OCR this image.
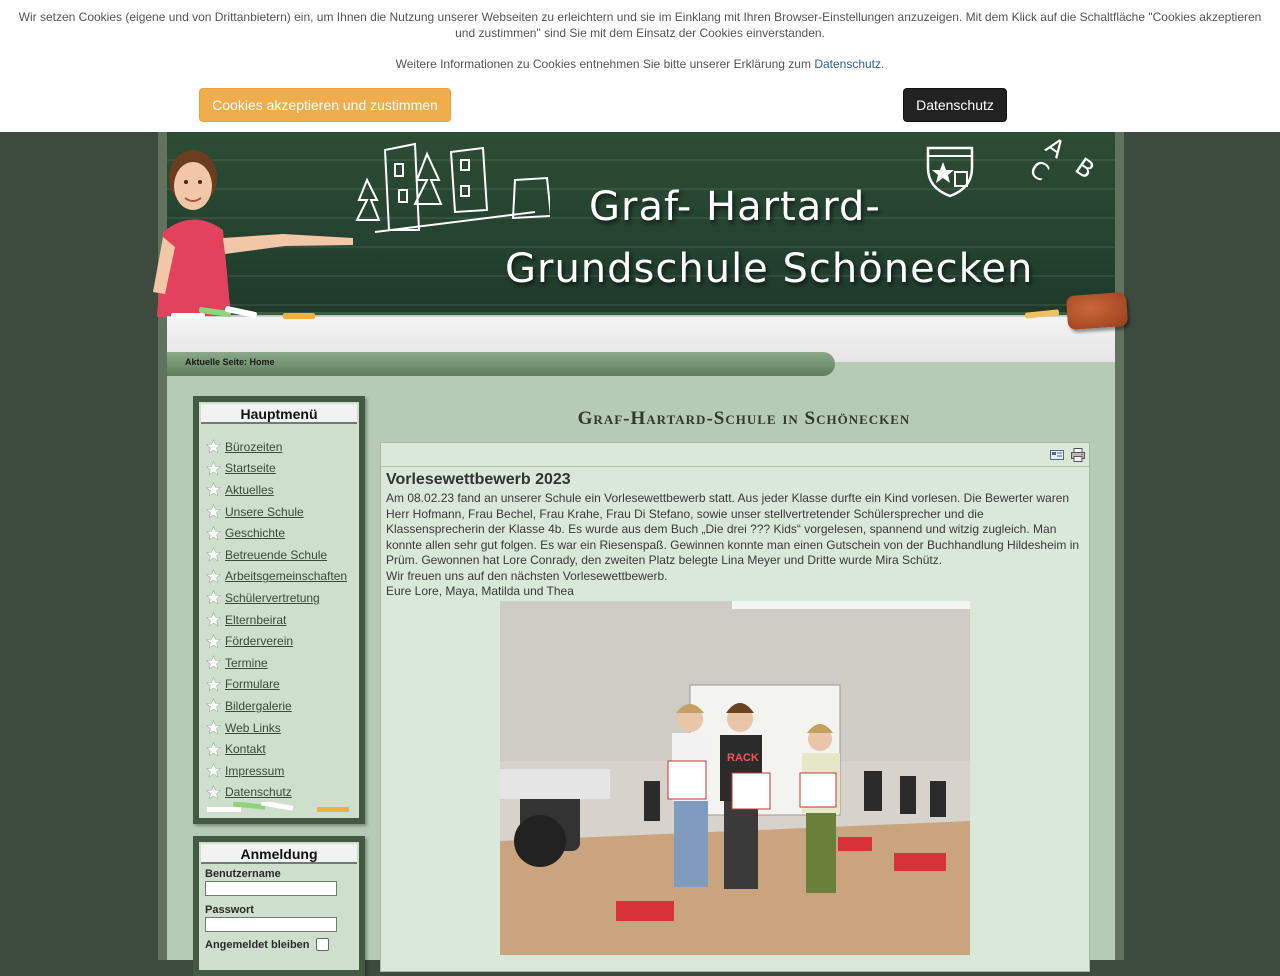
Wir setzen Cookies (eigene und von Drittanbietern) ein, um Ihnen die Nutzung unserer Webseiten zu erleichtern und sie im Einklang mit Ihren Browser-Einstellungen anzuzeigen. Mit dem Klick auf die Schaltfläche "Cookies akzeptieren und zustimmen" sind Sie mit dem Einsatz der Cookies einverstanden.
Weitere Informationen zu Cookies entnehmen Sie bitte unserer Erklärung zum Datenschutz.
Cookies akzeptieren und zustimmen	Datenschutz
A B C
Graf- Hartard-
Grundschule Schönecken
Aktuelle Seite: Home
Hauptmenü
Bürozeiten
Startseite
Aktuelles
Unsere Schule
Geschichte
Betreuende Schule
Arbeitsgemeinschaften
Schülervertretung
Elternbeirat
Förderverein
Termine
Formulare
Bildergalerie
Web Links
Kontakt
Impressum
Datenschutz
Anmeldung
Benutzername
Passwort
Angemeldet bleiben
Graf-Hartard-Schule in Schönecken
Vorlesewettbewerb 2023

Am 08.02.23 fand an unserer Schule ein Vorlesewettbewerb statt. Aus jeder Klasse durfte ein Kind vorlesen. Die Bewerter waren Herr Hofmann, Frau Bechel, Frau Krahe, Frau Di Stefano, sowie unser stellvertretender Schülersprecher und die Klassensprecherin der Klasse 4b. Es wurde aus dem Buch „Die drei ??? Kids“ vorgelesen, spannend und witzig zugleich. Man konnte allen sehr gut folgen. Es war ein Riesenspaß. Gewinnen konnte man einen Gutschein von der Buchhandlung Hildesheim in Prüm. Gewonnen hat Lore Conrady, den zweiten Platz belegte Lina Meyer und Dritte wurde Mira Schütz.

Wir freuen uns auf den nächsten Vorlesewettbewerb.

Eure Lore, Maya, Matilda und Thea

RACK
